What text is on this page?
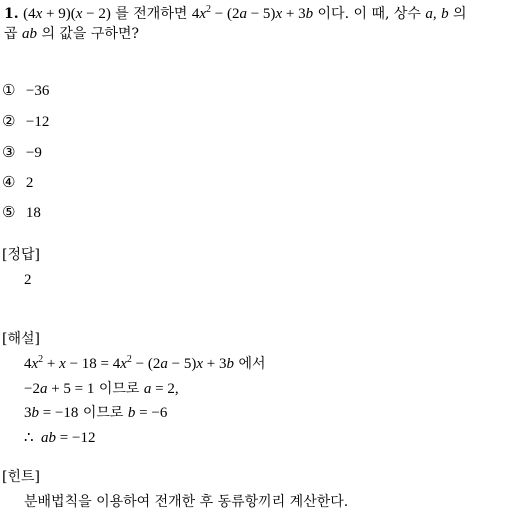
1. (4x + 9)(x − 2) 를 전개하면 $4x^2 - (2a - 5)x + 3b$ 이다. 이 때, 상수 a, b 의
곱 ab 의 값을 구하면?
① −36
② −12
③ −9
④ 2
⑤ 18
[정답]
2
[해설]
$4x^2 + x - 18 = 4x^2 - (2a - 5)x + 3b$ 에서
−2a + 5 = 1 이므로 a = 2,
3b = −18 이므로 b = −6
∴  ab = −12
[힌트]
분배법칙을 이용하여 전개한 후 동류항끼리 계산한다.
